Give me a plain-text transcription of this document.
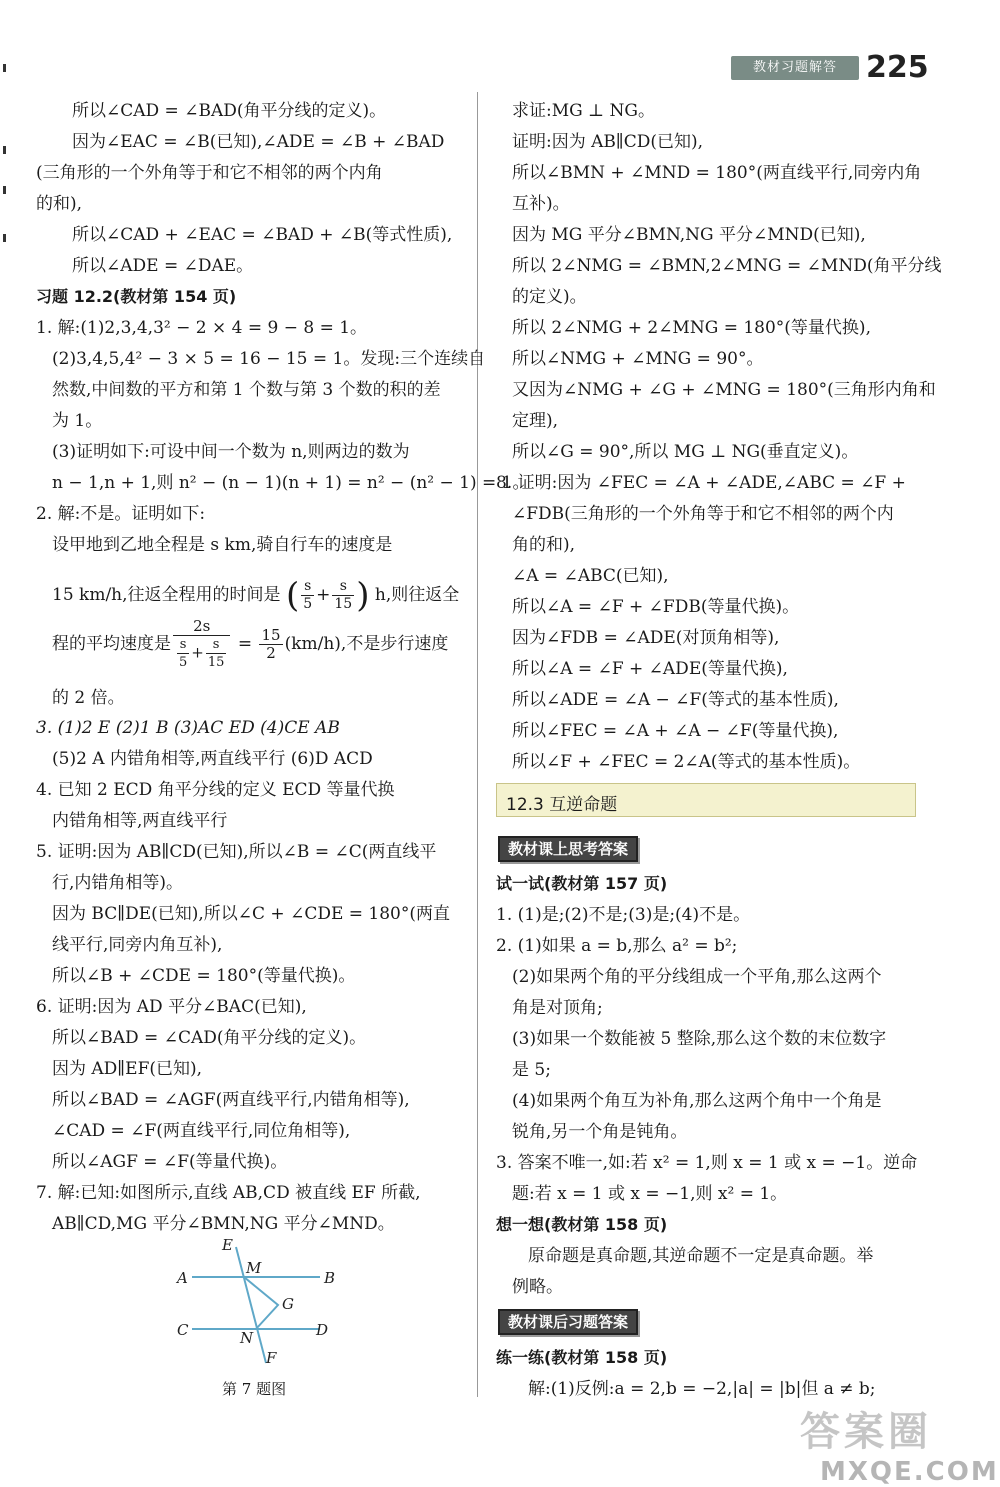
教材习题解答 225
所以∠CAD = ∠BAD(角平分线的定义)。
因为∠EAC = ∠B(已知),∠ADE = ∠B + ∠BAD
(三角形的一个外角等于和它不相邻的两个内角
的和),
所以∠CAD + ∠EAC = ∠BAD + ∠B(等式性质),
所以∠ADE = ∠DAE。
习题 12.2(教材第 154 页)
1. 解:(1)2,3,4,3² − 2 × 4 = 9 − 8 = 1。
(2)3,4,5,4² − 3 × 5 = 16 − 15 = 1。发现:三个连续自
然数,中间数的平方和第 1 个数与第 3 个数的积的差
为 1。
(3)证明如下:可设中间一个数为 n,则两边的数为
n − 1,n + 1,则 n² − (n − 1)(n + 1) = n² − (n² − 1) = 1。
2. 解:不是。证明如下:
设甲地到乙地全程是 s km,骑自行车的速度是
15 km/h,往返全程用的时间是 ( $\frac{s}{5} + \frac{s}{15}$ ) h,则往返全
程的平均速度是 $\frac{2s}{\frac{s}{5} + \frac{s}{15}} = \frac{15}{2} (km/h)$,不是步行速度
的 2 倍。
3. (1)2 E (2)1 B (3)AC ED (4)CE AB
(5)2 A 内错角相等,两直线平行 (6)D ACD
4. 已知 2 ECD 角平分线的定义 ECD 等量代换
内错角相等,两直线平行
5. 证明:因为 AB∥CD(已知),所以∠B = ∠C(两直线平
行,内错角相等)。
因为 BC∥DE(已知),所以∠C + ∠CDE = 180°(两直
线平行,同旁内角互补),
所以∠B + ∠CDE = 180°(等量代换)。
6. 证明:因为 AD 平分∠BAC(已知),
所以∠BAD = ∠CAD(角平分线的定义)。
因为 AD∥EF(已知),
所以∠BAD = ∠AGF(两直线平行,内错角相等),
∠CAD = ∠F(两直线平行,同位角相等),
所以∠AGF = ∠F(等量代换)。
7. 解:已知:如图所示,直线 AB,CD 被直线 EF 所截,
AB∥CD,MG 平分∠BMN,NG 平分∠MND。
E
M
A	B
G
C	N	D
F
第 7 题图
求证:MG ⊥ NG。
证明:因为 AB∥CD(已知),
所以∠BMN + ∠MND = 180°(两直线平行,同旁内角
互补)。
因为 MG 平分∠BMN,NG 平分∠MND(已知),
所以 2∠NMG = ∠BMN,2∠MNG = ∠MND(角平分线
的定义)。
所以 2∠NMG + 2∠MNG = 180°(等量代换),
所以∠NMG + ∠MNG = 90°。
又因为∠NMG + ∠G + ∠MNG = 180°(三角形内角和
定理),
所以∠G = 90°,所以 MG ⊥ NG(垂直定义)。
8. 证明:因为 ∠FEC = ∠A + ∠ADE,∠ABC = ∠F +
∠FDB(三角形的一个外角等于和它不相邻的两个内
角的和),
∠A = ∠ABC(已知),
所以∠A = ∠F + ∠FDB(等量代换)。
因为∠FDB = ∠ADE(对顶角相等),
所以∠A = ∠F + ∠ADE(等量代换),
所以∠ADE = ∠A − ∠F(等式的基本性质),
所以∠FEC = ∠A + ∠A − ∠F(等量代换),
所以∠F + ∠FEC = 2∠A(等式的基本性质)。
12.3 互逆命题
教材课上思考答案
试一试(教材第 157 页)
1. (1)是;(2)不是;(3)是;(4)不是。
2. (1)如果 a = b,那么 a² = b²;
(2)如果两个角的平分线组成一个平角,那么这两个
角是对顶角;
(3)如果一个数能被 5 整除,那么这个数的末位数字
是 5;
(4)如果两个角互为补角,那么这两个角中一个角是
锐角,另一个角是钝角。
3. 答案不唯一,如:若 x² = 1,则 x = 1 或 x = −1。逆命
题:若 x = 1 或 x = −1,则 x² = 1。
想一想(教材第 158 页)
原命题是真命题,其逆命题不一定是真命题。举
例略。
教材课后习题答案
练一练(教材第 158 页)
解:(1)反例:a = 2,b = −2,|a| = |b|但 a ≠ b;
答案圈
MXQE.COM
